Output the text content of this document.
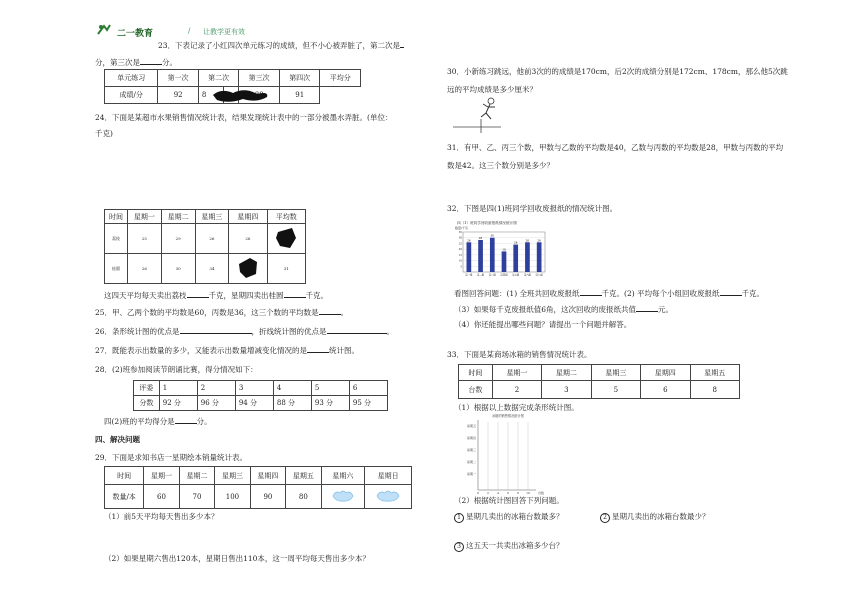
二一教育	/ 让教学更有效
23．下表记录了小红四次单元练习的成绩，但不小心被弄脏了，第二次是
分，第三次是	分。
单元练习	第一次	第二次		第三次	第四次	平均分
成绩/分	92	8			91	
24．下面是某超市水果销售情况统计表，结果发现统计表中的一部分被墨水弄脏。(单位：
千克)
时间	星期一	星期二	星期三	星期四	平均数
荔枝	25	29	26	26	
桂圆	26	30	34		31
这四天平均每天卖出荔枝	千克，星期四卖出桂圆	千克。
25．甲、乙两个数的平均数是60，丙数是36，这三个数的平均数是	。
26．条形统计图的优点是	，折线统计图的优点是	。
27．既能表示出数量的多少，又能表示出数量增减变化情况的是	统计图。
28．(2)班参加阅读节朗诵比赛，得分情况如下：
评委	1	2	3	4	5	6
分数	92 分	96 分	94 分	88 分	93 分	95 分
四(2)班的平均得分是	分。
四、解决问题
29．下面是求知书店一星期绘本销量统计表。
时间	星期一	星期二	星期三	星期四	星期五	星期六	星期日
数量/本	60	70	100	90	80		
（1）前5天平均每天售出多少本？
（2）如果星期六售出120本，星期日售出110本，这一周平均每天售出多少本？
30．小新练习跳远，他前3次的的成绩是170cm，后2次的成绩分别是172cm、178cm，那么他5次跳
远的平均成绩是多少厘米？
31．有甲、乙、丙三个数，甲数与乙数的平均数是40，乙数与丙数的平均数是28，甲数与丙数的平均
数是42。这三个数分别是多少？
32．下图是四(1)班同学回收废报纸的情况统计图。
四（1）班同学回收废报纸情况统计图
数量/千克
5
10
15
20
25
30
35
26
第一组
28
第二组
30
第三组
18
第四组
24
第五组
26
第六组
26
第七组
看图回答问题：(1) 全班共回收废报纸	千克。(2) 平均每个小组回收废报纸	千克。
（3）如果每千克废报纸值6角，这次回收的废报纸共值	元。
（4）你还能提出哪些问题？请提出一个问题并解答。
33．下面是某商场冰箱的销售情况统计表。
时间	星期一	星期二	星期三	星期四	星期五
台数	2	3	5	6	8
（1）根据以上数据完成条形统计图。
冰箱的销售情况统计图
星期五
星期四
星期三
星期二
星期一
0	2	4	6	8 10	台数
（2）根据统计图回答下列问题。
1 星期几卖出的冰箱台数最多？	2 星期几卖出的冰箱台数最少？
3 这五天一共卖出冰箱多少台？
